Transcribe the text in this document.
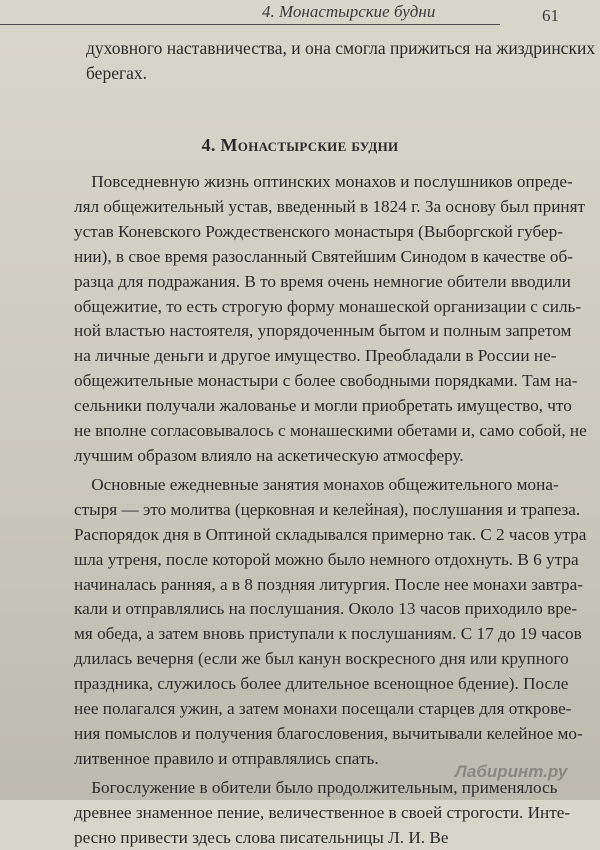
4. Монастырские будни	61
духовного наставничества, и она смогла прижиться на жиздринских
берегах.
4. Монастырские будни
Повседневную жизнь оптинских монахов и послушников опреде-
лял общежительный устав, введенный в 1824 г. За основу был принят
устав Коневского Рождественского монастыря (Выборгской губер-
нии), в свое время разосланный Святейшим Синодом в качестве об-
разца для подражания. В то время очень немногие обители вводили
общежитие, то есть строгую форму монашеской организации с силь-
ной властью настоятеля, упорядоченным бытом и полным запретом
на личные деньги и другое имущество. Преобладали в России не-
общежительные монастыри с более свободными порядками. Там на-
сельники получали жалованье и могли приобретать имущество, что
не вполне согласовывалось с монашескими обетами и, само собой, не
лучшим образом влияло на аскетическую атмосферу.
Основные ежедневные занятия монахов общежительного мона-
стыря — это молитва (церковная и келейная), послушания и трапеза.
Распорядок дня в Оптиной складывался примерно так. С 2 часов утра
шла утреня, после которой можно было немного отдохнуть. В 6 утра
начиналась ранняя, а в 8 поздняя литургия. После нее монахи завтра-
кали и отправлялись на послушания. Около 13 часов приходило вре-
мя обеда, а затем вновь приступали к послушаниям. С 17 до 19 часов
длилась вечерня (если же был канун воскресного дня или крупного
праздника, служилось более длительное всенощное бдение). После
нее полагался ужин, а затем монахи посещали старцев для открове-
ния помыслов и получения благословения, вычитывали келейное мо-
литвенное правило и отправлялись спать.
Богослужение в обители было продолжительным, применялось
древнее знаменное пение, величественное в своей строгости. Инте-
ресно привести здесь слова писательницы Л. И. Ве
Лабиринт.ру
